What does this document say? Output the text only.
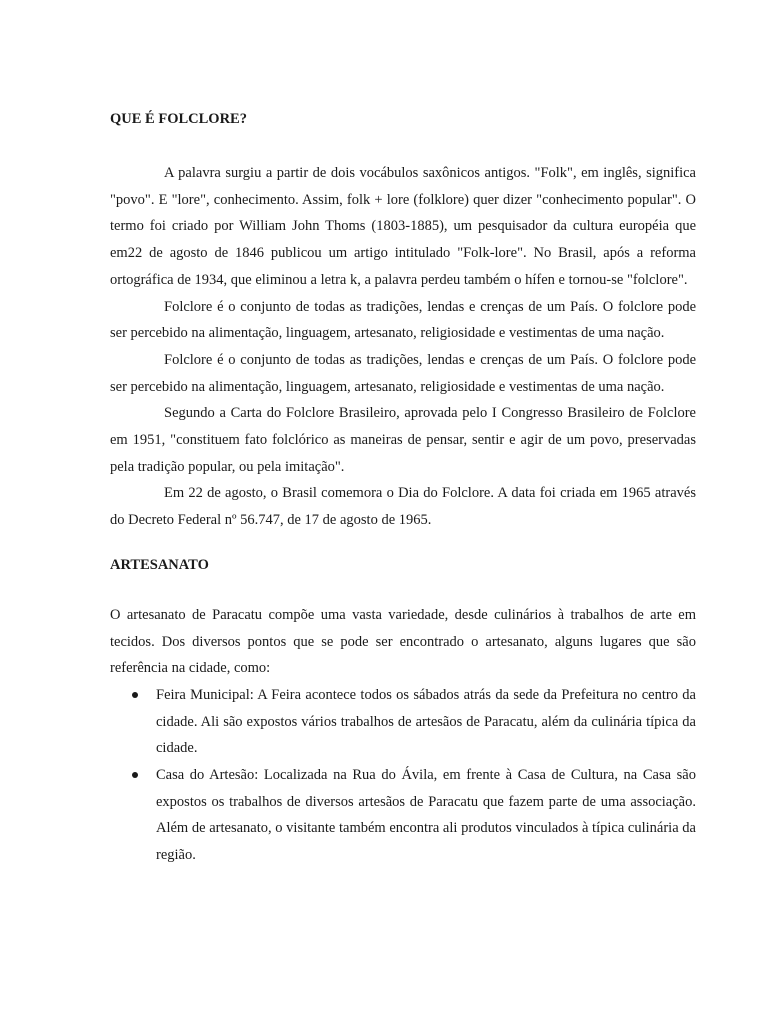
QUE É FOLCLORE?

A palavra surgiu a partir de dois vocábulos saxônicos antigos. "Folk", em inglês, significa "povo". E "lore", conhecimento. Assim, folk + lore (folklore) quer dizer "conhecimento popular". O termo foi criado por William John Thoms (1803-1885), um pesquisador da cultura européia que em22 de agosto de 1846 publicou um artigo intitulado "Folk-lore". No Brasil, após a reforma ortográfica de 1934, que eliminou a letra k, a palavra perdeu também o hífen e tornou-se "folclore".

Folclore é o conjunto de todas as tradições, lendas e crenças de um País. O folclore pode ser percebido na alimentação, linguagem, artesanato, religiosidade e vestimentas de uma nação.

Folclore é o conjunto de todas as tradições, lendas e crenças de um País. O folclore pode ser percebido na alimentação, linguagem, artesanato, religiosidade e vestimentas de uma nação.

Segundo a Carta do Folclore Brasileiro, aprovada pelo I Congresso Brasileiro de Folclore em 1951, "constituem fato folclórico as maneiras de pensar, sentir e agir de um povo, preservadas pela tradição popular, ou pela imitação".

Em 22 de agosto, o Brasil comemora o Dia do Folclore. A data foi criada em 1965 através do Decreto Federal nº 56.747, de 17 de agosto de 1965.

ARTESANATO

O artesanato de Paracatu compõe uma vasta variedade, desde culinários à trabalhos de arte em tecidos. Dos diversos pontos que se pode ser encontrado o artesanato, alguns lugares que são referência na cidade, como:

Feira Municipal: A Feira acontece todos os sábados atrás da sede da Prefeitura no centro da cidade. Ali são expostos vários trabalhos de artesãos de Paracatu, além da culinária típica da cidade.
Casa do Artesão: Localizada na Rua do Ávila, em frente à Casa de Cultura, na Casa são expostos os trabalhos de diversos artesãos de Paracatu que fazem parte de uma associação. Além de artesanato, o visitante também encontra ali produtos vinculados à típica culinária da região.
